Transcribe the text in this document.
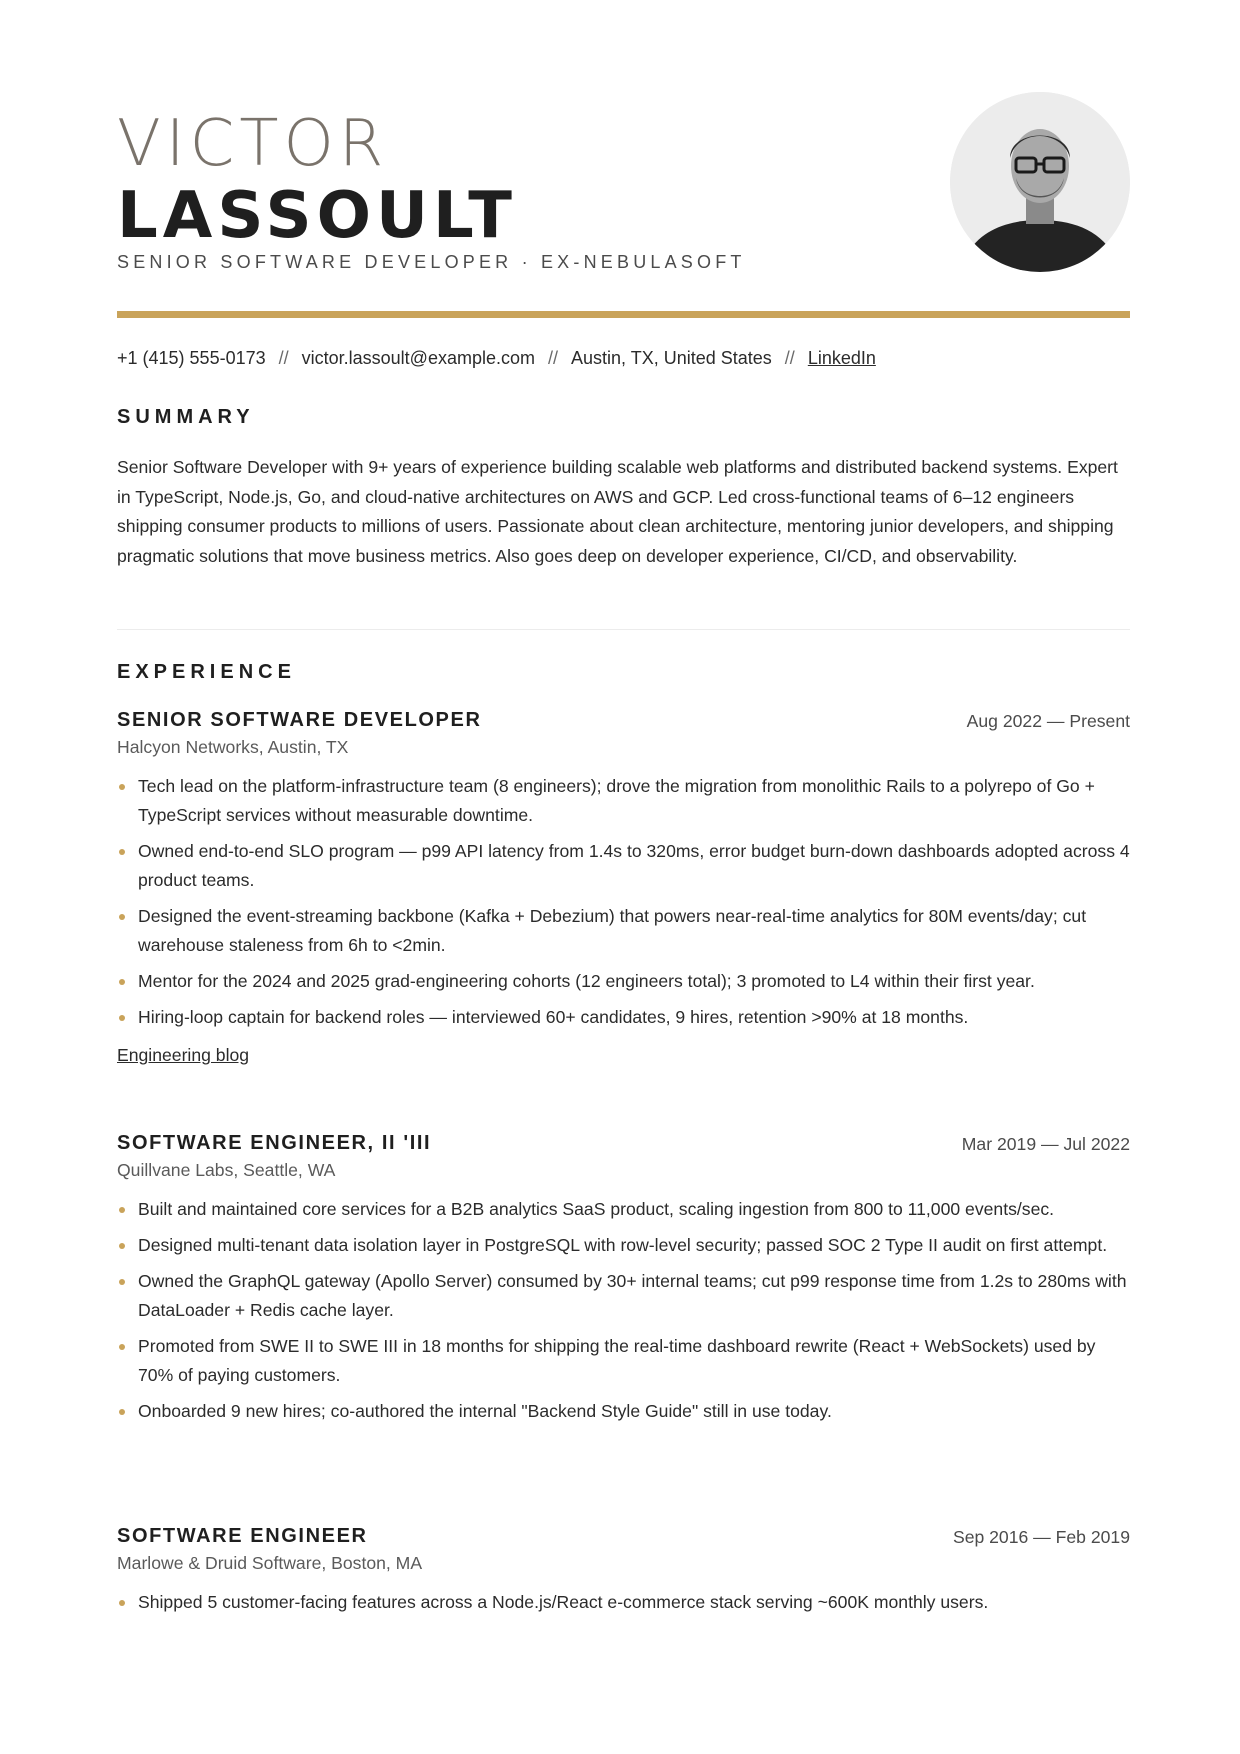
VICTOR
LASSOULT
SENIOR SOFTWARE DEVELOPER · EX-NEBULASOFT
+1 (415) 555-0173 // victor.lassoult@example.com // Austin, TX, United States // LinkedIn
SUMMARY

Senior Software Developer with 9+ years of experience building scalable web platforms and distributed backend systems. Expert in TypeScript, Node.js, Go, and cloud-native architectures on AWS and GCP. Led cross-functional teams of 6–12 engineers shipping consumer products to millions of users. Passionate about clean architecture, mentoring junior developers, and shipping pragmatic solutions that move business metrics. Also goes deep on developer experience, CI/CD, and observability.

EXPERIENCE
SENIOR SOFTWARE DEVELOPER	Aug 2022 — Present
Halcyon Networks, Austin, TX
Tech lead on the platform-infrastructure team (8 engineers); drove the migration from monolithic Rails to a polyrepo of Go + TypeScript services without measurable downtime.
Owned end-to-end SLO program — p99 API latency from 1.4s to 320ms, error budget burn-down dashboards adopted across 4 product teams.
Designed the event-streaming backbone (Kafka + Debezium) that powers near-real-time analytics for 80M events/day; cut warehouse staleness from 6h to <2min.
Mentor for the 2024 and 2025 grad-engineering cohorts (12 engineers total); 3 promoted to L4 within their first year.
Hiring-loop captain for backend roles — interviewed 60+ candidates, 9 hires, retention >90% at 18 months.
Engineering blog
SOFTWARE ENGINEER, II 'III	Mar 2019 — Jul 2022
Quillvane Labs, Seattle, WA
Built and maintained core services for a B2B analytics SaaS product, scaling ingestion from 800 to 11,000 events/sec.
Designed multi-tenant data isolation layer in PostgreSQL with row-level security; passed SOC 2 Type II audit on first attempt.
Owned the GraphQL gateway (Apollo Server) consumed by 30+ internal teams; cut p99 response time from 1.2s to 280ms with DataLoader + Redis cache layer.
Promoted from SWE II to SWE III in 18 months for shipping the real-time dashboard rewrite (React + WebSockets) used by 70% of paying customers.
Onboarded 9 new hires; co-authored the internal "Backend Style Guide" still in use today.
SOFTWARE ENGINEER	Sep 2016 — Feb 2019
Marlowe & Druid Software, Boston, MA
Shipped 5 customer-facing features across a Node.js/React e-commerce stack serving ~600K monthly users.
